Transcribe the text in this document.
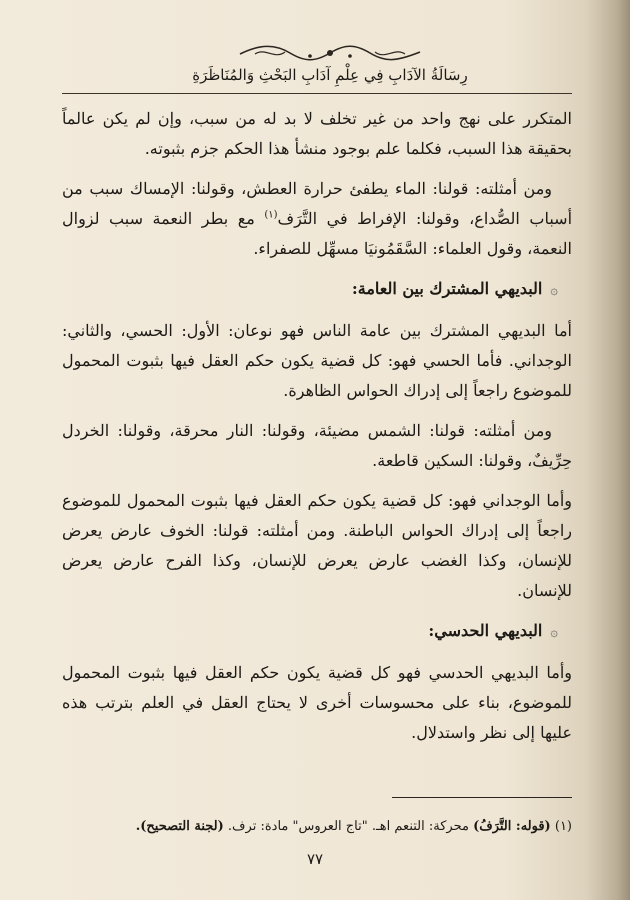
رِسَالَةُ الآدَابِ فِي عِلْمِ آدَابِ البَحْثِ وَالمُنَاظَرَةِ

المتكرر على نهج واحد من غير تخلف لا بد له من سبب، وإن لم يكن عالماً بحقيقة هذا السبب، فكلما علم بوجود منشأ هذا الحكم جزم بثبوته.

ومن أمثلته: قولنا: الماء يطفئ حرارة العطش، وقولنا: الإمساك سبب من أسباب الصُّداع، وقولنا: الإفراط في التَّرَف$^{(١)}$ مع بطر النعمة سبب لزوال النعمة، وقول العلماء: السَّقَمُونيَا مسهِّل للصفراء.

۞البديهي المشترك بين العامة:

أما البديهي المشترك بين عامة الناس فهو نوعان: الأول: الحسي، والثاني: الوجداني. فأما الحسي فهو: كل قضية يكون حكم العقل فيها بثبوت المحمول للموضوع راجعاً إلى إدراك الحواس الظاهرة.

ومن أمثلته: قولنا: الشمس مضيئة، وقولنا: النار محرقة، وقولنا: الخردل حِرِّيفٌ، وقولنا: السكين قاطعة.

وأما الوجداني فهو: كل قضية يكون حكم العقل فيها بثبوت المحمول للموضوع راجعاً إلى إدراك الحواس الباطنة. ومن أمثلته: قولنا: الخوف عارض يعرض للإنسان، وكذا الغضب عارض يعرض للإنسان، وكذا الفرح عارض يعرض للإنسان.

۞البديهي الحدسي:

وأما البديهي الحدسي فهو كل قضية يكون حكم العقل فيها بثبوت المحمول للموضوع، بناء على محسوسات أخرى لا يحتاج العقل في العلم بترتب هذه عليها إلى نظر واستدلال.

(١) (قوله: التَّرَفُ) محركة: التنعم اهـ. "تاج العروس" مادة: ترف. (لجنة التصحيح).
٧٧
